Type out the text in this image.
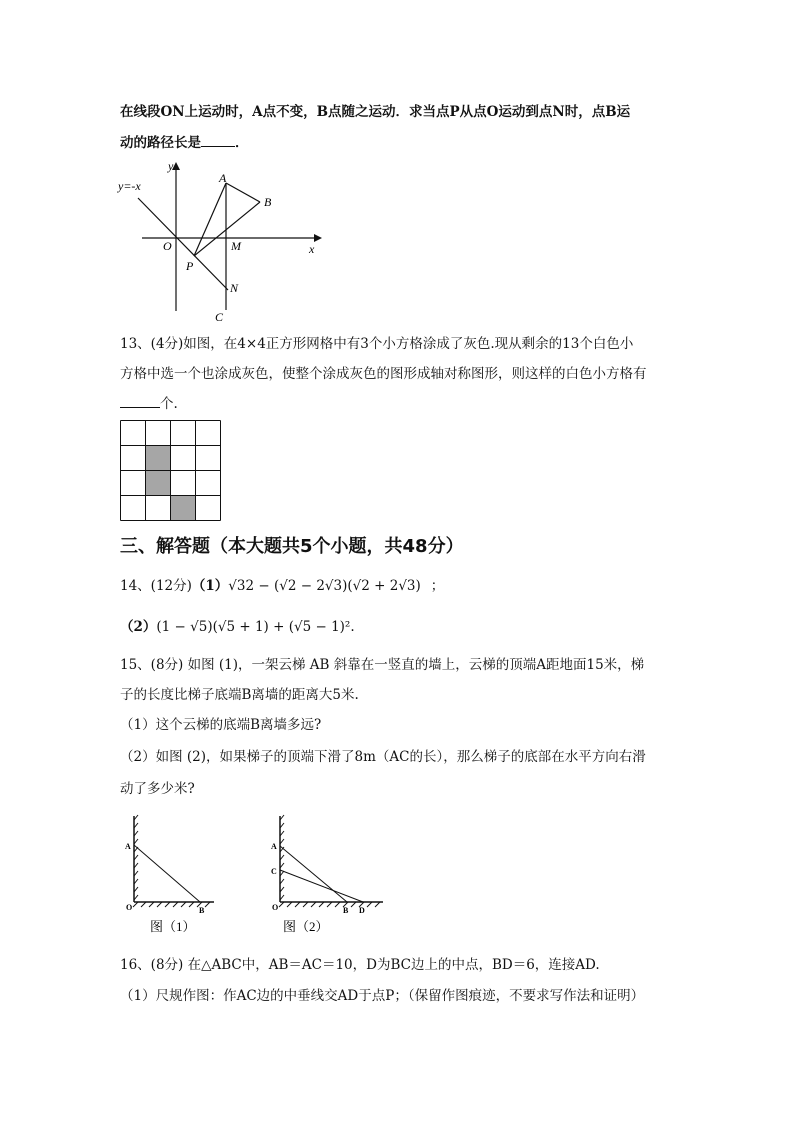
在线段ON上运动时，A点不变，B点随之运动．求当点P从点O运动到点N时，点B运
动的路径长是	．
y=-x
y
x
O
A
B
M
P
N
C
13、(4分)如图，在4×4正方形网格中有3个小方格涂成了灰色.现从剩余的13个白色小
方格中选一个也涂成灰色，使整个涂成灰色的图形成轴对称图形，则这样的白色小方格有
个.
三、解答题（本大题共5个小题，共48分）
14、(12分)（1）√32 − (√2 − 2√3)(√2 + 2√3) ；
（2）(1 − √5)(√5 + 1) + (√5 − 1)².
15、(8分) 如图 (1)，一架云梯 AB 斜靠在一竖直的墙上，云梯的顶端A距地面15米，梯
子的长度比梯子底端B离墙的距离大5米.
（1）这个云梯的底端B离墙多远?
（2）如图 (2)，如果梯子的顶端下滑了8m（AC的长），那么梯子的底部在水平方向右滑
动了多少米?
A
O	B
图（1）
A
C
O	B D
图（2）
16、(8分) 在△ABC中，AB＝AC＝10，D为BC边上的中点，BD＝6，连接AD.
（1）尺规作图：作AC边的中垂线交AD于点P；（保留作图痕迹，不要求写作法和证明）
